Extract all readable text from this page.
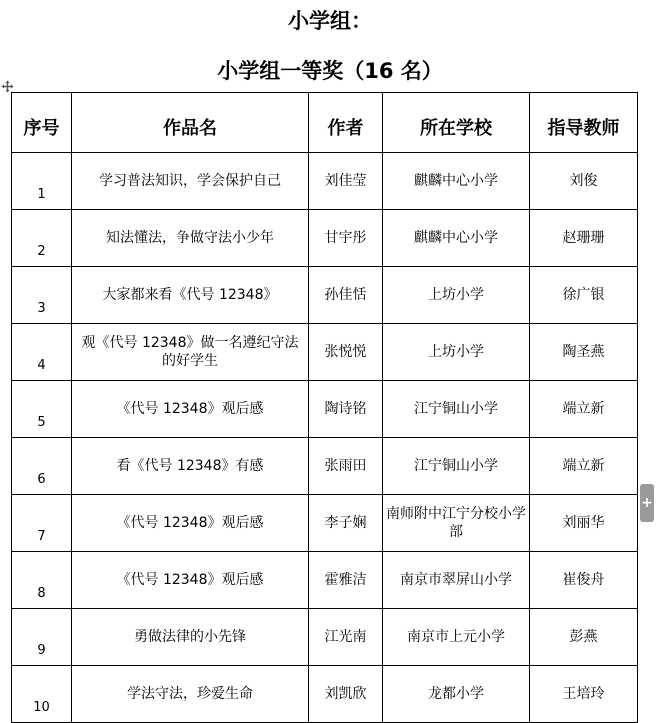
小学组：
小学组一等奖（16 名）
序号	作品名	作者	所在学校	指导教师
1	学习普法知识，学会保护自己	刘佳莹	麒麟中心小学	刘俊
2	知法懂法，争做守法小少年	甘宇彤	麒麟中心小学	赵珊珊
3	大家都来看《代号 12348》	孙佳恬	上坊小学	徐广银
4	观《代号 12348》做一名遵纪守法的好学生	张悦悦	上坊小学	陶圣燕
5	《代号 12348》观后感	陶诗铭	江宁铜山小学	端立新
6	看《代号 12348》有感	张雨田	江宁铜山小学	端立新
7	《代号 12348》观后感	李子娴	南师附中江宁分校小学部	刘丽华
8	《代号 12348》观后感	霍雅洁	南京市翠屏山小学	崔俊舟
9	勇做法律的小先锋	江光南	南京市上元小学	彭燕
10	学法守法，珍爱生命	刘凯欣	龙都小学	王培玲
+
